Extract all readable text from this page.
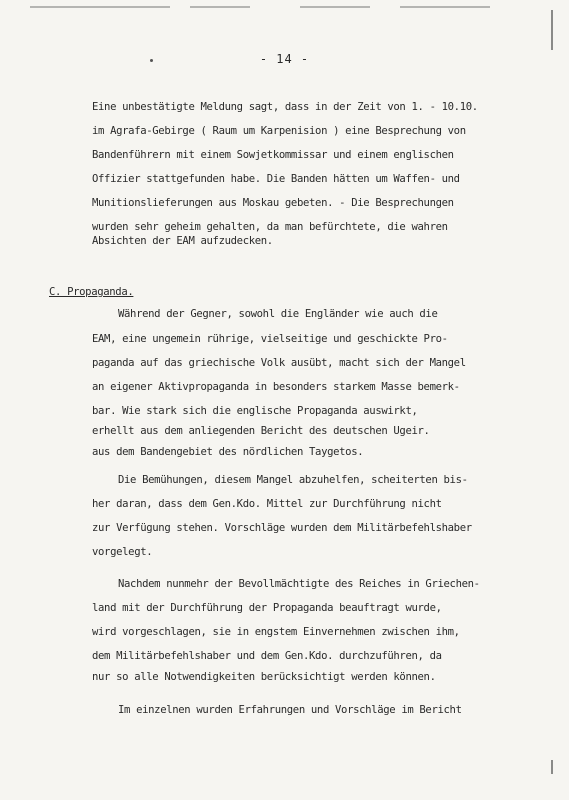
- 14 -
Eine unbestätigte Meldung sagt, dass in der Zeit von 1. - 10.10.
im Agrafa-Gebirge ( Raum um Karpenision ) eine Besprechung von
Bandenführern mit einem Sowjetkommissar und einem englischen
Offizier stattgefunden habe. Die Banden hätten um Waffen- und
Munitionslieferungen aus Moskau gebeten. - Die Besprechungen
wurden sehr geheim gehalten, da man befürchtete, die wahren
Absichten der EAM aufzudecken.
C. Propaganda.
Während der Gegner, sowohl die Engländer wie auch die
EAM, eine ungemein rührige, vielseitige und geschickte Pro-
paganda auf das griechische Volk ausübt, macht sich der Mangel
an eigener Aktivpropaganda in besonders starkem Masse bemerk-
bar. Wie stark sich die englische Propaganda auswirkt,
erhellt aus dem anliegenden Bericht des deutschen Ugeir.
aus dem Bandengebiet des nördlichen Taygetos.
Die Bemühungen, diesem Mangel abzuhelfen, scheiterten bis-
her daran, dass dem Gen.Kdo. Mittel zur Durchführung nicht
zur Verfügung stehen. Vorschläge wurden dem Militärbefehlshaber
vorgelegt.
Nachdem nunmehr der Bevollmächtigte des Reiches in Griechen-
land mit der Durchführung der Propaganda beauftragt wurde,
wird vorgeschlagen, sie in engstem Einvernehmen zwischen ihm,
dem Militärbefehlshaber und dem Gen.Kdo. durchzuführen, da
nur so alle Notwendigkeiten berücksichtigt werden können.
Im einzelnen wurden Erfahrungen und Vorschläge im Bericht
